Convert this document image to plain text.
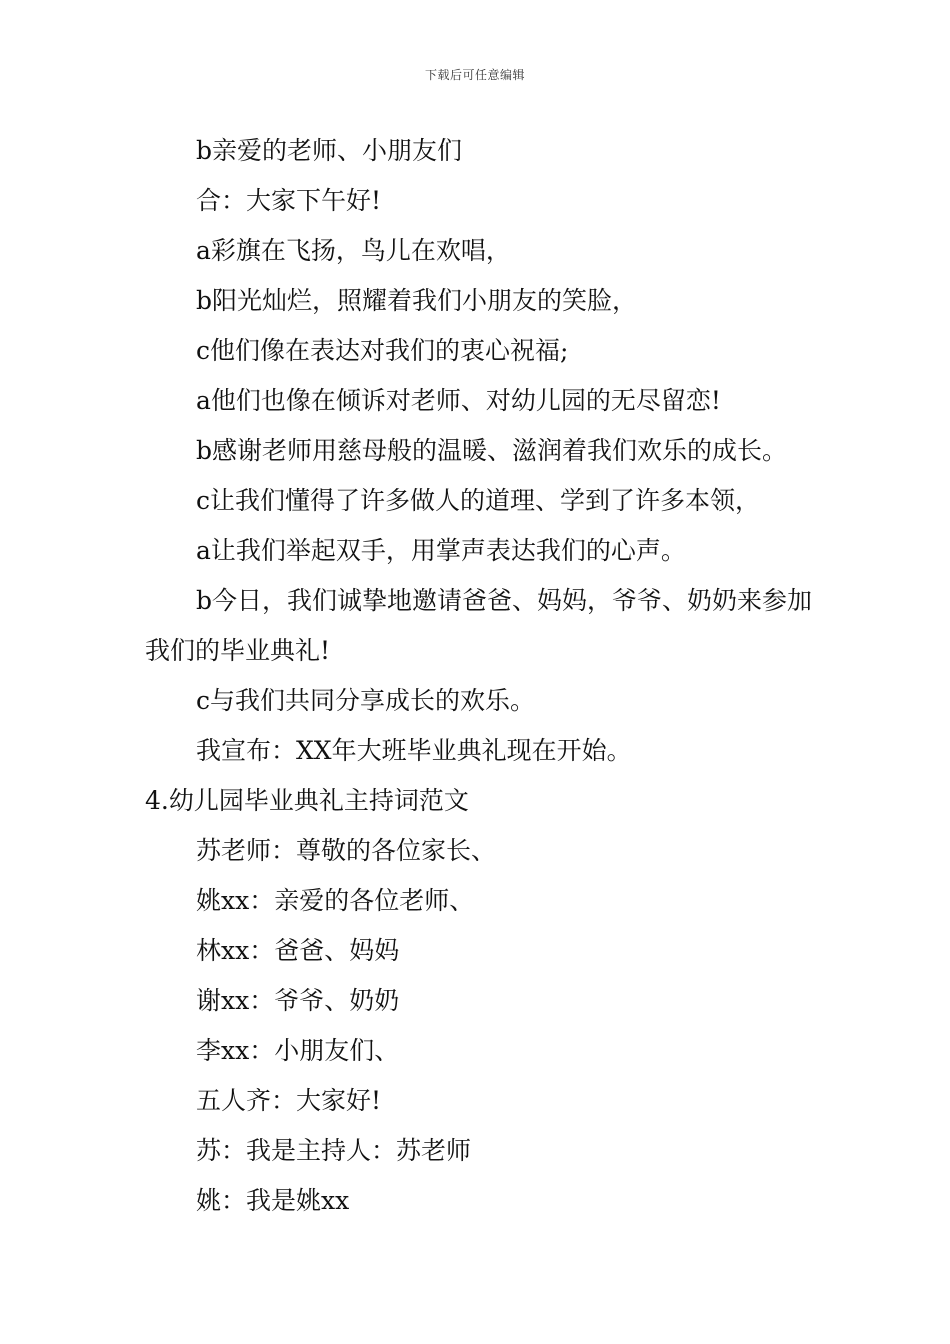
下载后可任意编辑

b亲爱的老师、小朋友们

合：大家下午好!

a彩旗在飞扬，鸟儿在欢唱，

b阳光灿烂，照耀着我们小朋友的笑脸，

c他们像在表达对我们的衷心祝福;

a他们也像在倾诉对老师、对幼儿园的无尽留恋!

b感谢老师用慈母般的温暖、滋润着我们欢乐的成长。

c让我们懂得了许多做人的道理、学到了许多本领，

a让我们举起双手，用掌声表达我们的心声。

b今日，我们诚挚地邀请爸爸、妈妈，爷爷、奶奶来参加我们的毕业典礼!

c与我们共同分享成长的欢乐。

我宣布：XX年大班毕业典礼现在开始。

4.幼儿园毕业典礼主持词范文

苏老师：尊敬的各位家长、

姚xx：亲爱的各位老师、

林xx：爸爸、妈妈

谢xx：爷爷、奶奶

李xx：小朋友们、

五人齐：大家好!

苏：我是主持人：苏老师

姚：我是姚xx
